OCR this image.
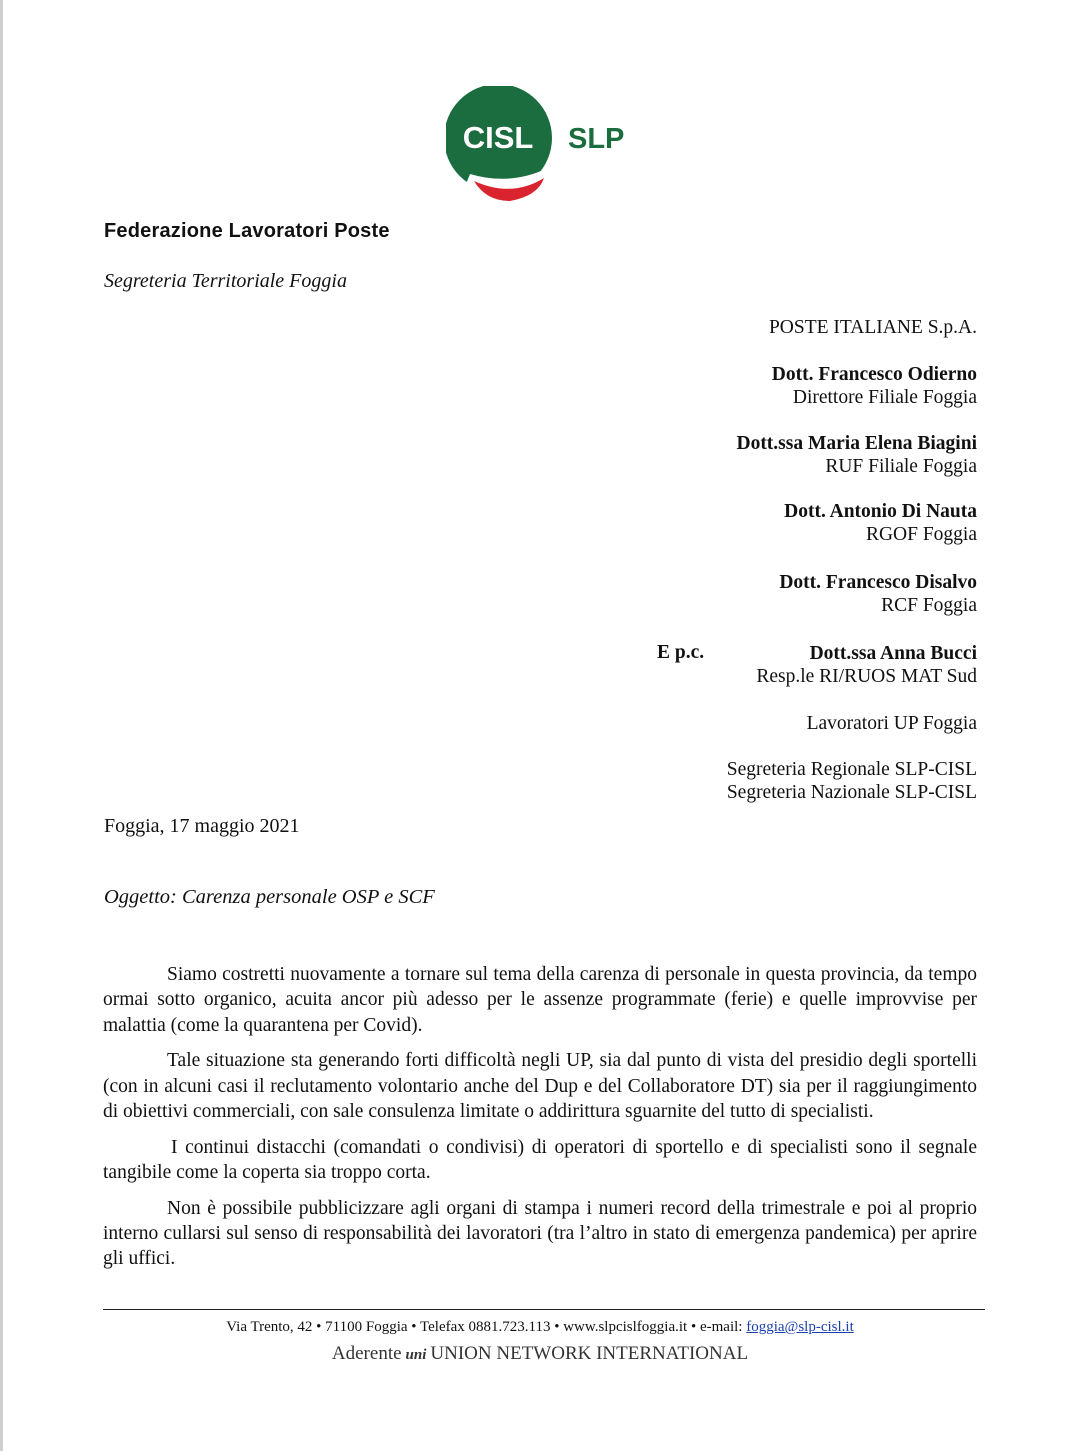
CISL SLP
Federazione Lavoratori Poste
Segreteria Territoriale Foggia
POSTE ITALIANE S.p.A.
Dott. Francesco Odierno
Direttore Filiale Foggia
Dott.ssa Maria Elena Biagini
RUF Filiale Foggia
Dott. Antonio Di Nauta
RGOF Foggia
Dott. Francesco Disalvo
RCF Foggia
Dott.ssa Anna Bucci
Resp.le RI/RUOS MAT Sud
Lavoratori UP Foggia
Segreteria Regionale SLP-CISL
Segreteria Nazionale SLP-CISL
E p.c.
Foggia, 17 maggio 2021
Oggetto: Carenza personale OSP e SCF

Siamo costretti nuovamente a tornare sul tema della carenza di personale in questa provincia, da tempo ormai sotto organico, acuita ancor più adesso per le assenze programmate (ferie) e quelle improvvise per malattia (come la quarantena per Covid).

Tale situazione sta generando forti difficoltà negli UP, sia dal punto di vista del presidio degli sportelli (con in alcuni casi il reclutamento volontario anche del Dup e del Collaboratore DT) sia per il raggiungimento di obiettivi commerciali, con sale consulenza limitate o addirittura sguarnite del tutto di specialisti.

I continui distacchi (comandati o condivisi) di operatori di sportello e di specialisti sono il segnale tangibile come la coperta sia troppo corta.

Non è possibile pubblicizzare agli organi di stampa i numeri record della trimestrale e poi al proprio interno cullarsi sul senso di responsabilità dei lavoratori (tra l’altro in stato di emergenza pandemica) per aprire gli uffici.

Via Trento, 42 • 71100 Foggia • Telefax 0881.723.113 • www.slpcislfoggia.it • e-mail: foggia@slp-cisl.it
Aderente uni UNION NETWORK INTERNATIONAL
